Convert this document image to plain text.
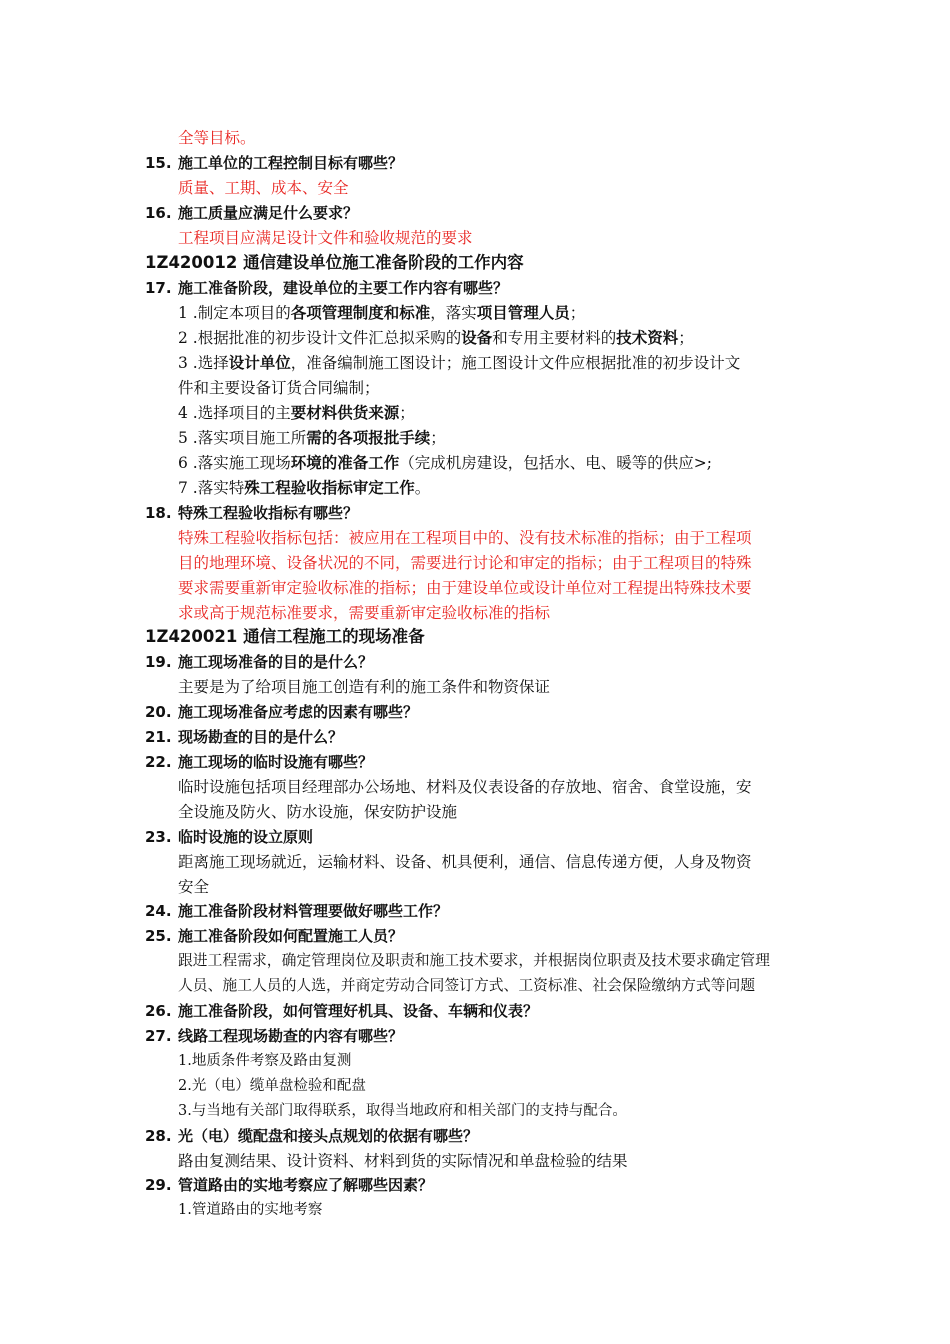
全等目标。
15. 施工单位的工程控制目标有哪些？
质量、工期、成本、安全
16. 施工质量应满足什么要求？
工程项目应满足设计文件和验收规范的要求
1Z420012 通信建设单位施工准备阶段的工作内容
17. 施工准备阶段，建设单位的主要工作内容有哪些？
1 .制定本项目的各项管理制度和标准，落实项目管理人员；
2 .根据批准的初步设计文件汇总拟采购的设备和专用主要材料的技术资料；
3 .选择设计单位，准备编制施工图设计；施工图设计文件应根据批准的初步设计文
件和主要设备订货合同编制；
4 .选择项目的主要材料供货来源；
5 .落实项目施工所需的各项报批手续；
6 .落实施工现场环境的准备工作（完成机房建设，包括水、电、暖等的供应>;
7 .落实特殊工程验收指标审定工作。
18. 特殊工程验收指标有哪些？
特殊工程验收指标包括：被应用在工程项目中的、没有技术标准的指标；由于工程项
目的地理环境、设备状况的不同，需要进行讨论和审定的指标；由于工程项目的特殊
要求需要重新审定验收标准的指标；由于建设单位或设计单位对工程提出特殊技术要
求或高于规范标准要求，需要重新审定验收标准的指标
1Z420021 通信工程施工的现场准备
19. 施工现场准备的目的是什么？
主要是为了给项目施工创造有利的施工条件和物资保证
20. 施工现场准备应考虑的因素有哪些？
21. 现场勘查的目的是什么？
22. 施工现场的临时设施有哪些？
临时设施包括项目经理部办公场地、材料及仪表设备的存放地、宿舍、食堂设施，安
全设施及防火、防水设施，保安防护设施
23. 临时设施的设立原则
距离施工现场就近，运输材料、设备、机具便利，通信、信息传递方便，人身及物资
安全
24. 施工准备阶段材料管理要做好哪些工作？
25. 施工准备阶段如何配置施工人员？
跟进工程需求，确定管理岗位及职责和施工技术要求，并根据岗位职责及技术要求确定管理
人员、施工人员的人选，并商定劳动合同签订方式、工资标准、社会保险缴纳方式等问题
26. 施工准备阶段，如何管理好机具、设备、车辆和仪表？
27. 线路工程现场勘查的内容有哪些？
1.地质条件考察及路由复测
2.光（电）缆单盘检验和配盘
3.与当地有关部门取得联系，取得当地政府和相关部门的支持与配合。
28. 光（电）缆配盘和接头点规划的依据有哪些？
路由复测结果、设计资料、材料到货的实际情况和单盘检验的结果
29. 管道路由的实地考察应了解哪些因素？
1.管道路由的实地考察
